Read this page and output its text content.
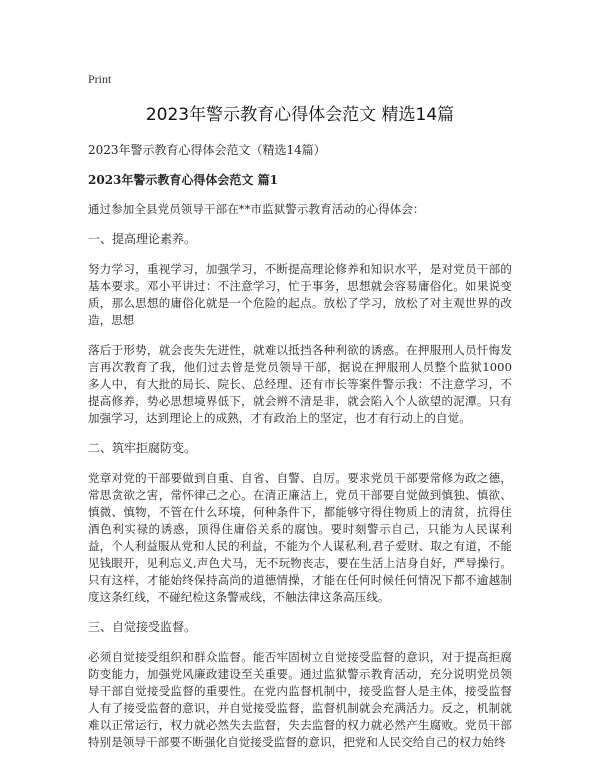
Print
2023年警示教育心得体会范文 精选14篇
2023年警示教育心得体会范文（精选14篇）
2023年警示教育心得体会范文 篇1

通过参加全县党员领导干部在**市监狱警示教育活动的心得体会：

一、提高理论素养。

努力学习，重视学习，加强学习，不断提高理论修养和知识水平，是对党员干部的基本要求。邓小平讲过：不注意学习，忙于事务，思想就会容易庸俗化。如果说变质，那么思想的庸俗化就是一个危险的起点。放松了学习，放松了对主观世界的改造，思想

落后于形势，就会丧失先进性，就难以抵挡各种利欲的诱惑。在押服刑人员忏悔发言再次教育了我，他们过去曾是党员领导干部，据说在押服刑人员整个监狱1000多人中，有大批的局长、院长、总经理、还有市长等案件警示我：不注意学习，不提高修养，势必思想境界低下，就会辨不清是非，就会陷入个人欲望的泥潭。只有加强学习，达到理论上的成熟，才有政治上的坚定，也才有行动上的自觉。

二、筑牢拒腐防变。

党章对党的干部要做到自重、自省、自警、自厉。要求党员干部要常修为政之德，常思贪欲之害，常怀律己之心。在清正廉洁上，党员干部要自觉做到慎独、慎欲、慎微、慎物，不管在什么环境，何种条件下，都能够守得住物质上的清贫，抗得住酒色利实禄的诱惑，顶得住庸俗关系的腐蚀。要时刻警示自己，只能为人民谋利益，个人利益服从党和人民的利益，不能为个人谋私利,君子爱财、取之有道，不能见钱眼开，见利忘义,声色犬马，无不玩物丧志，要在生活上洁身自好，严导操行。只有这样，才能始终保持高尚的道德情操，才能在任何时候任何情况下都不逾越制度这条红线，不碰纪检这条警戒线，不触法律这条高压线。

三、自觉接受监督。

必须自觉接受组织和群众监督。能否牢固树立自觉接受监督的意识，对于提高拒腐防变能力，加强党风廉政建设至关重要。通过监狱警示教育活动，充分说明党员领导干部自觉接受监督的重要性。在党内监督机制中，接受监督人是主体，接受监督人有了接受监督的意识，并自觉接受监督，监督机制就会充满活力。反之，机制就难以正常运行，权力就必然失去监督，失去监督的权力就必然产生腐败。党员干部特别是领导干部要不断强化自觉接受监督的意识，把党和人民交给自己的权力始终
